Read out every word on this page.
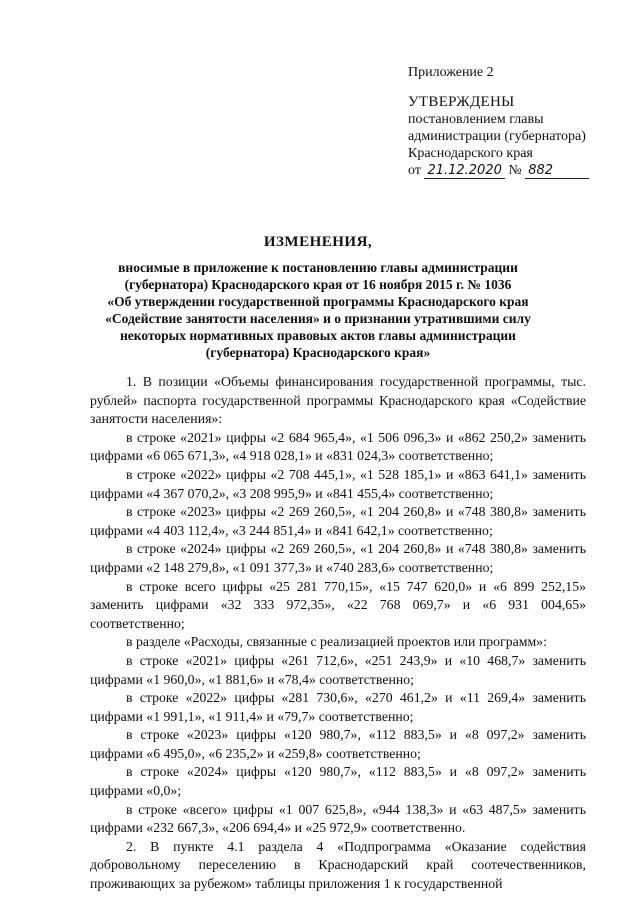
Приложение 2
УТВЕРЖДЕНЫ
постановлением главы
администрации (губернатора)
Краснодарского края
от 21.12.2020 № 882
ИЗМЕНЕНИЯ,
вносимые в приложение к постановлению главы администрации
(губернатора) Краснодарского края от 16 ноября 2015 г. № 1036
«Об утверждении государственной программы Краснодарского края
«Содействие занятости населения» и о признании утратившими силу
некоторых нормативных правовых актов главы администрации
(губернатора) Краснодарского края»

1. В позиции «Объемы финансирования государственной программы, тыс. рублей» паспорта государственной программы Краснодарского края «Содействие занятости населения»:

в строке «2021» цифры «2 684 965,4», «1 506 096,3» и «862 250,2» заменить цифрами «6 065 671,3», «4 918 028,1» и «831 024,3» соответственно;

в строке «2022» цифры «2 708 445,1», «1 528 185,1» и «863 641,1» заменить цифрами «4 367 070,2», «3 208 995,9» и «841 455,4» соответственно;

в строке «2023» цифры «2 269 260,5», «1 204 260,8» и «748 380,8» заменить цифрами «4 403 112,4», «3 244 851,4» и «841 642,1» соответственно;

в строке «2024» цифры «2 269 260,5», «1 204 260,8» и «748 380,8» заменить цифрами «2 148 279,8», «1 091 377,3» и «740 283,6» соответственно;

в строке всего цифры «25 281 770,15», «15 747 620,0» и «6 899 252,15» заменить цифрами «32 333 972,35», «22 768 069,7» и «6 931 004,65» соответственно;

в разделе «Расходы, связанные с реализацией проектов или программ»:

в строке «2021» цифры «261 712,6», «251 243,9» и «10 468,7» заменить цифрами «1 960,0», «1 881,6» и «78,4» соответственно;

в строке «2022» цифры «281 730,6», «270 461,2» и «11 269,4» заменить цифрами «1 991,1», «1 911,4» и «79,7» соответственно;

в строке «2023» цифры «120 980,7», «112 883,5» и «8 097,2» заменить цифрами «6 495,0», «6 235,2» и «259,8» соответственно;

в строке «2024» цифры «120 980,7», «112 883,5» и «8 097,2» заменить цифрами «0,0»;

в строке «всего» цифры «1 007 625,8», «944 138,3» и «63 487,5» заменить цифрами «232 667,3», «206 694,4» и «25 972,9» соответственно.

2. В пункте 4.1 раздела 4 «Подпрограмма «Оказание содействия добровольному переселению в Краснодарский край соотечественников, проживающих за рубежом» таблицы приложения 1 к государственной
